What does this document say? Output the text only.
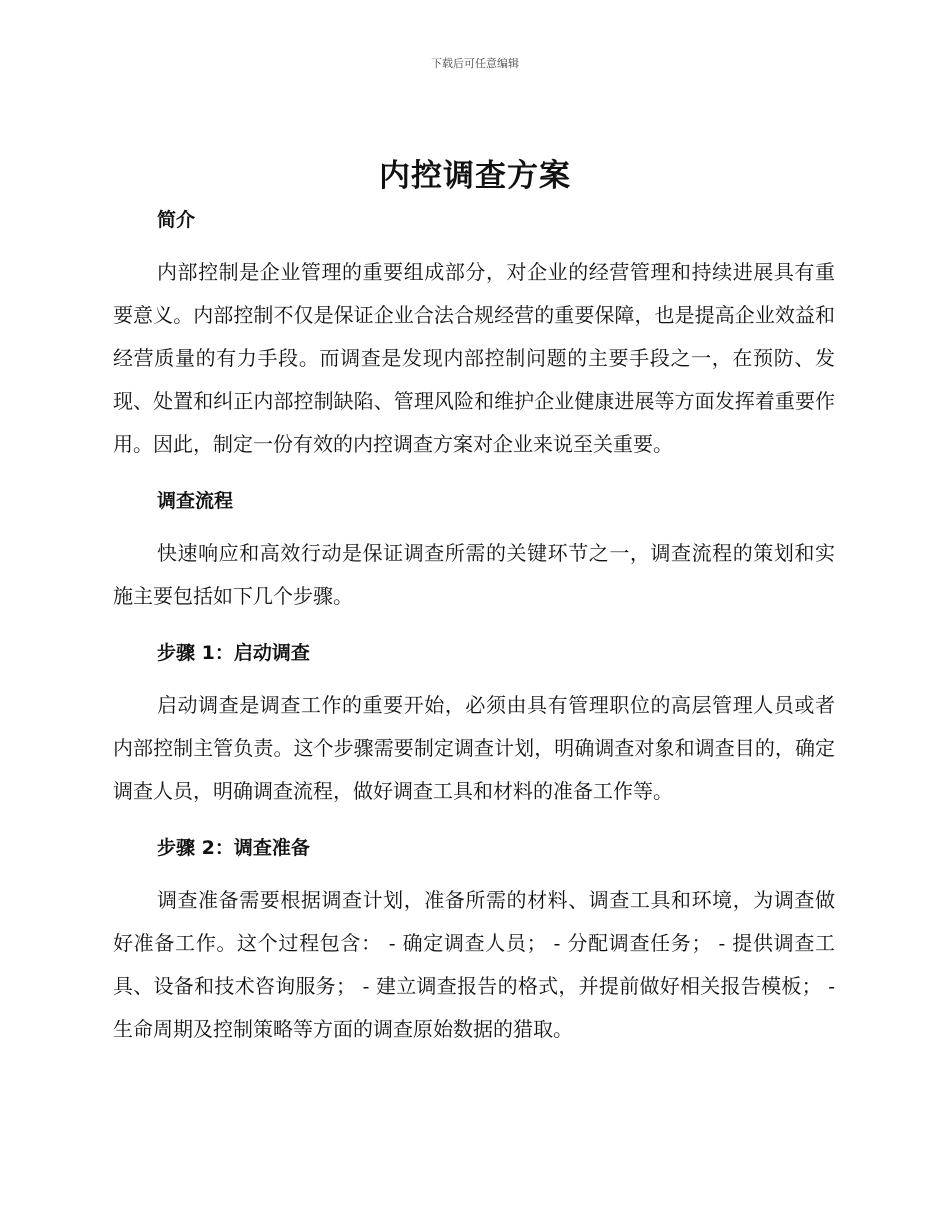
下载后可任意编辑
内控调查方案
简介

内部控制是企业管理的重要组成部分，对企业的经营管理和持续进展具有重要意义。内部控制不仅是保证企业合法合规经营的重要保障，也是提高企业效益和经营质量的有力手段。而调查是发现内部控制问题的主要手段之一，在预防、发现、处置和纠正内部控制缺陷、管理风险和维护企业健康进展等方面发挥着重要作用。因此，制定一份有效的内控调查方案对企业来说至关重要。

调查流程

快速响应和高效行动是保证调查所需的关键环节之一，调查流程的策划和实施主要包括如下几个步骤。

步骤 1：启动调查

启动调查是调查工作的重要开始，必须由具有管理职位的高层管理人员或者内部控制主管负责。这个步骤需要制定调查计划，明确调查对象和调查目的，确定调查人员，明确调查流程，做好调查工具和材料的准备工作等。

步骤 2：调查准备

调查准备需要根据调查计划，准备所需的材料、调查工具和环境，为调查做好准备工作。这个过程包含： - 确定调查人员； - 分配调查任务； - 提供调查工具、设备和技术咨询服务； - 建立调查报告的格式，并提前做好相关报告模板； - 生命周期及控制策略等方面的调查原始数据的猎取。
